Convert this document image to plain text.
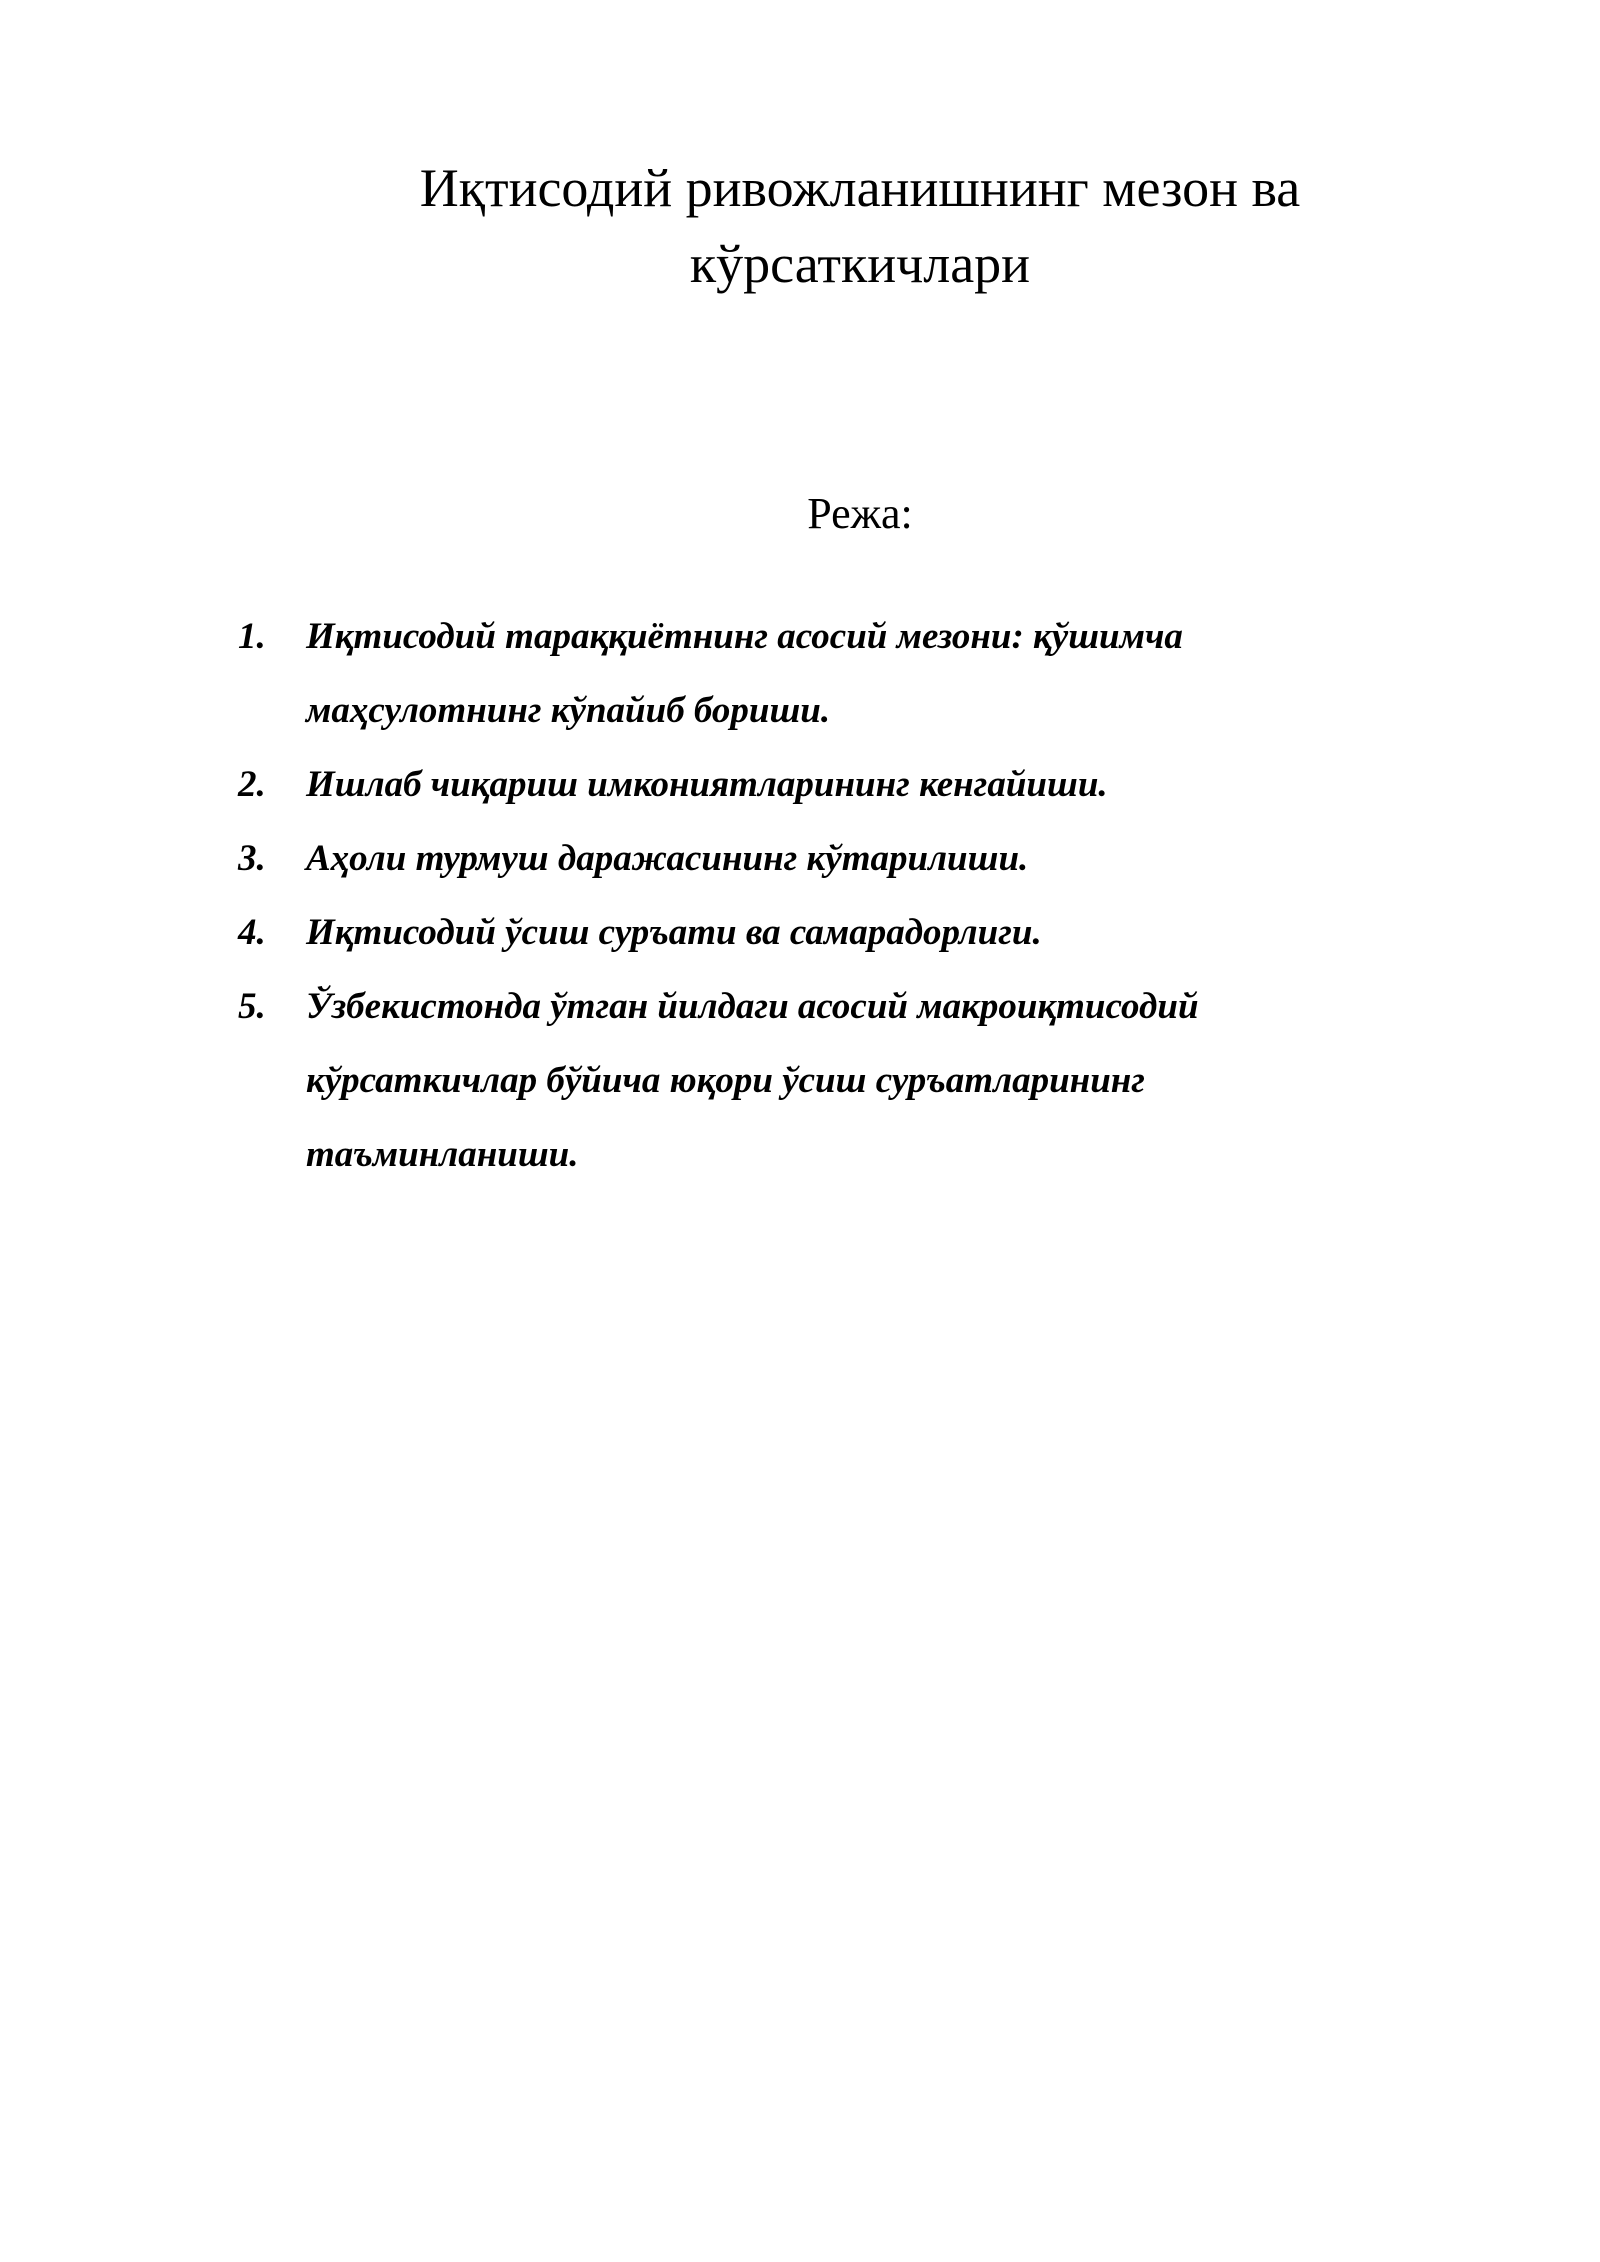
Иқтисодий ривожланишнинг мезон ва
кўрсаткичлари
Режа:
1.	Иқтисодий тараққиётнинг асосий мезони: қўшимча
маҳсулотнинг кўпайиб бориши.
2.	Ишлаб чиқариш имкониятларининг кенгайиши.
3.	Аҳоли турмуш даражасининг кўтарилиши.
4.	Иқтисодий ўсиш суръати ва самарадорлиги.
5.	Ўзбекистонда ўтган йилдаги асосий макроиқтисодий
кўрсаткичлар бўйича юқори ўсиш суръатларининг
таъминланиши.
